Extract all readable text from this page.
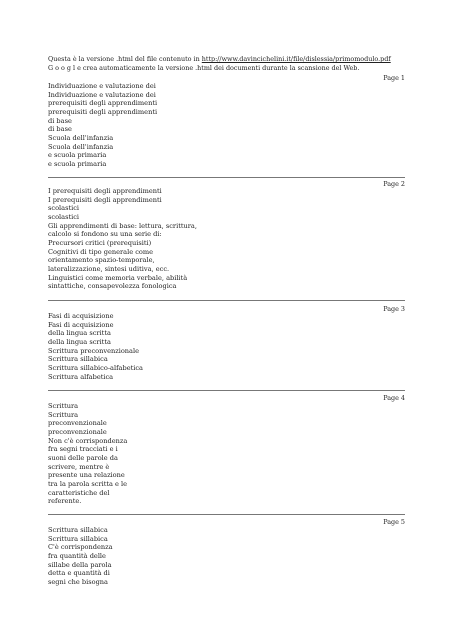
Questa è la versione .html del file contenuto in http://www.davincichelini.it/file/dislessia/primomodulo.pdf
G o o g l e crea automaticamente la versione .html dei documenti durante la scansione del Web.
Page 1
Individuazione e valutazione dei
Individuazione e valutazione dei
prerequisiti degli apprendimenti
prerequisiti degli apprendimenti
di base
di base
Scuola dell'infanzia
Scuola dell'infanzia
e scuola primaria
e scuola primaria
Page 2
I prerequisiti degli apprendimenti
I prerequisiti degli apprendimenti
scolastici
scolastici
Gli apprendimenti di base: lettura, scrittura,
calcolo si fondono su una serie di:
Precursori critici (prerequisiti)
Cognitivi di tipo generale come
orientamento spazio-temporale,
lateralizzazione, sintesi uditiva, ecc.
Linguistici come memoria verbale, abilità
sintattiche, consapevolezza fonologica
Page 3
Fasi di acquisizione
Fasi di acquisizione
della lingua scritta
della lingua scritta
Scrittura preconvenzionale
Scrittura sillabica
Scrittura sillabico-alfabetica
Scrittura alfabetica
Page 4
Scrittura
Scrittura
preconvenzionale
preconvenzionale
Non c'è corrispondenza
fra segni tracciati e i
suoni delle parole da
scrivere, mentre è
presente una relazione
tra la parola scritta e le
caratteristiche del
referente.
Page 5
Scrittura sillabica
Scrittura sillabica
C'è corrispondenza
fra quantità delle
sillabe della parola
detta e quantità di
segni che bisogna
